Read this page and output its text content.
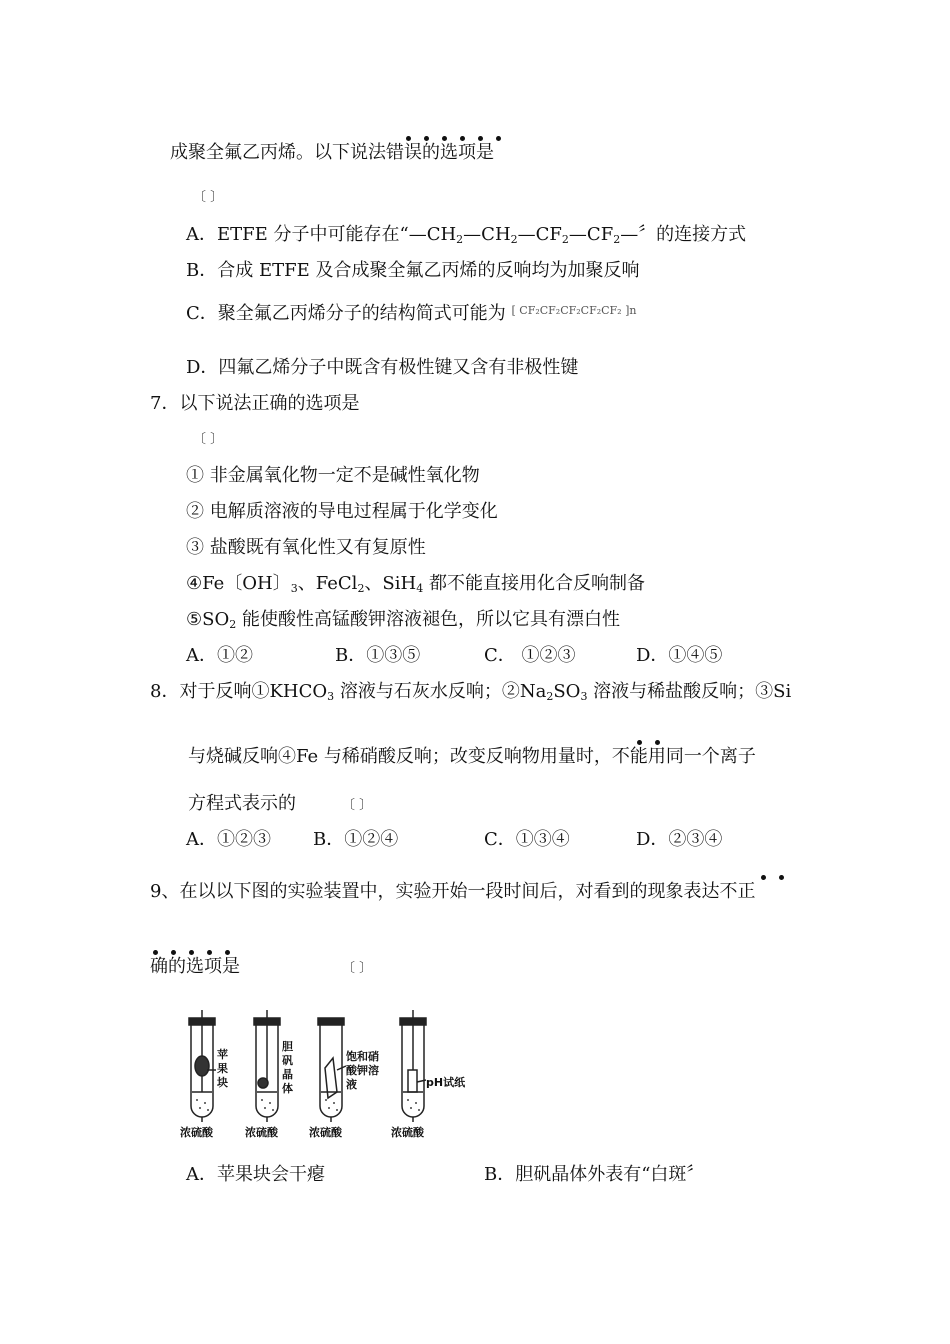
成聚全氟乙丙烯。以下说法错误的选项是
〔 〕
A．ETFE 分子中可能存在“$—CH_2—CH_2—CF_2—CF_2—$〞的连接方式
B．合成 ETFE 及合成聚全氟乙丙烯的反响均为加聚反响
C．聚全氟乙丙烯分子的结构简式可能为 $^{[ CF_2CF_2CF_2CF_2CF_2 ]n}$
D．四氟乙烯分子中既含有极性键又含有非极性键
7．以下说法正确的选项是
〔 〕
① 非金属氧化物一定不是碱性氧化物
② 电解质溶液的导电过程属于化学变化
③ 盐酸既有氧化性又有复原性
④Fe〔OH〕$_3$、FeCl$_2$、SiH$_4$ 都不能直接用化合反响制备
$⑤SO_2$ 能使酸性高锰酸钾溶液褪色，所以它具有漂白性
A．①②	B．①③⑤	C． ①②③	D．①④⑤
8．对于反响$①KHCO_3$ 溶液与石灰水反响；$②Na_2SO_3$ 溶液与稀盐酸反响；③Si
与烧碱反响④Fe 与稀硝酸反响；改变反响物用量时，不能用同一个离子
方程式表示的	〔 〕
A．①②③ B．①②④	C．①③④	D．②③④
9、在以以下图的实验装置中，实验开始一段时间后，对看到的现象表达不正
确的选项是	〔 〕
苹果块
胆矾晶体
饱和硝酸钾溶液	pH试纸
浓硫酸	浓硫酸	浓硫酸	浓硫酸
A．苹果块会干瘪	B．胆矾晶体外表有“白斑〞
